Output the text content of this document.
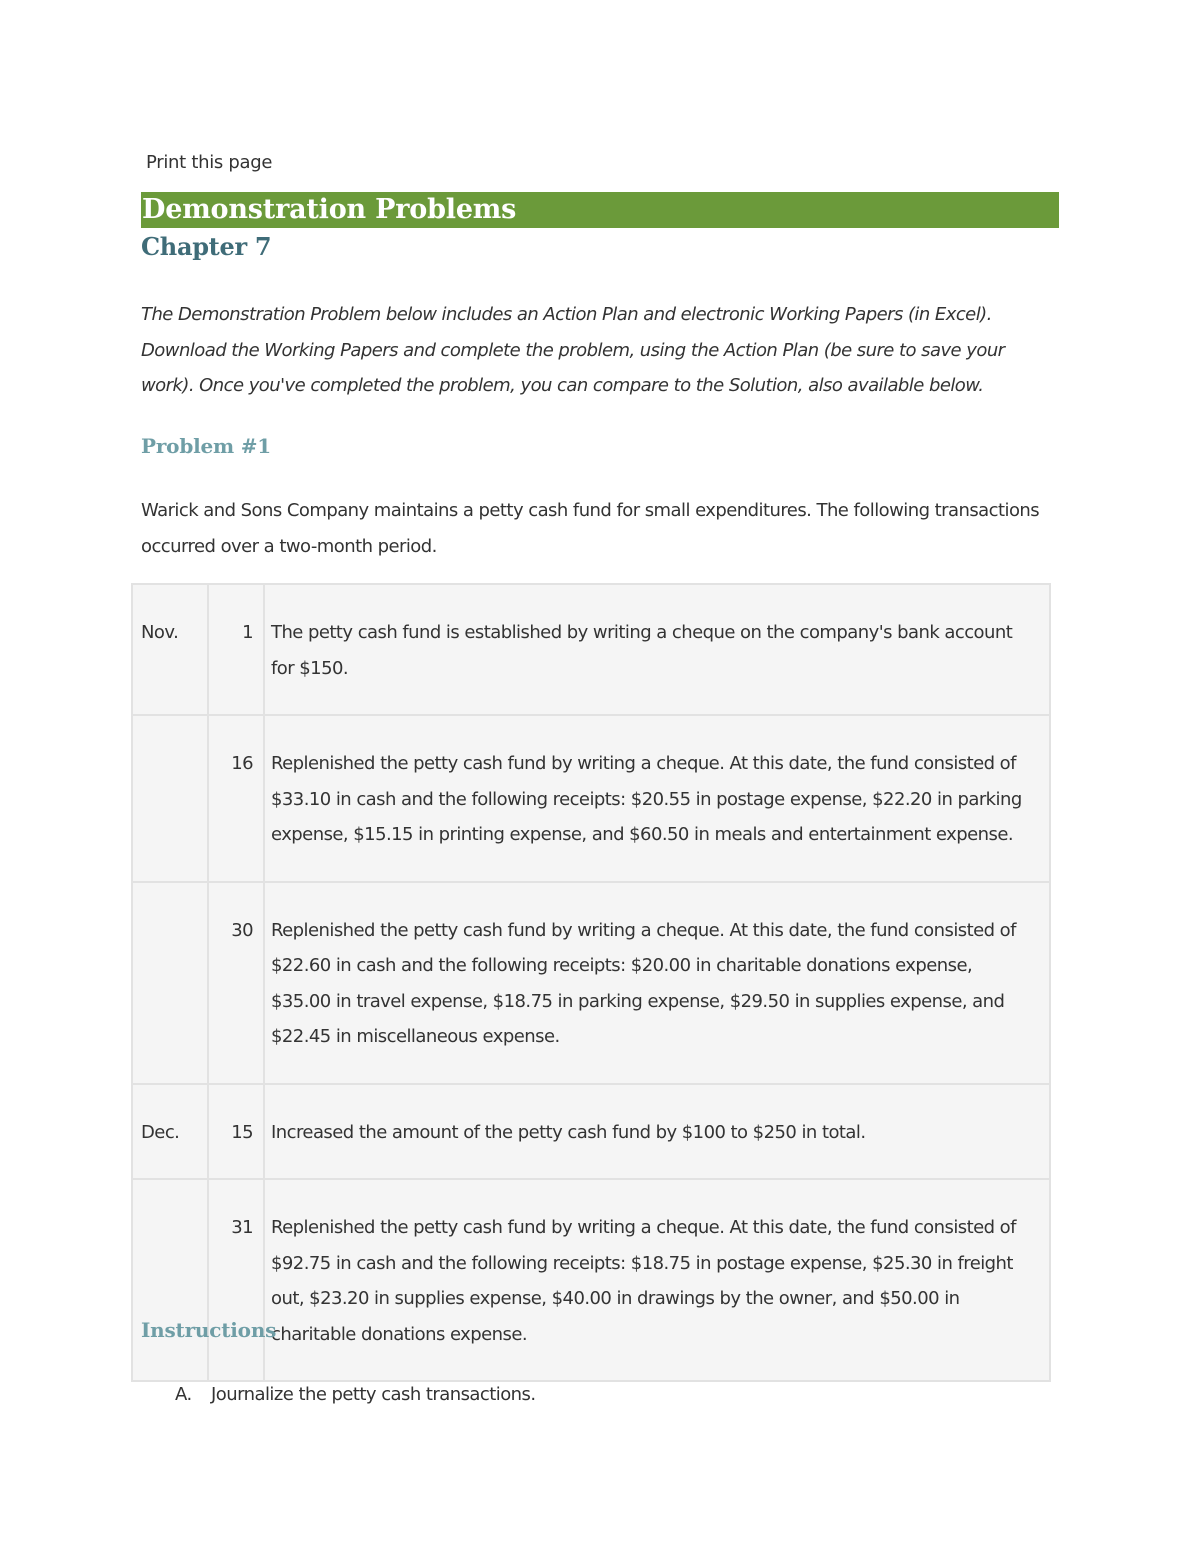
Print this page
Demonstration Problems
Chapter 7

The Demonstration Problem below includes an Action Plan and electronic Working Papers (in Excel). Download the Working Papers and complete the problem, using the Action Plan (be sure to save your work). Once you've completed the problem, you can compare to the Solution, also available below.

Problem #1

Warick and Sons Company maintains a petty cash fund for small expenditures. The following transactions occurred over a two-month period.

Nov.	1	The petty cash fund is established by writing a cheque on the company's bank account for $150.
	16	Replenished the petty cash fund by writing a cheque. At this date, the fund consisted of $33.10 in cash and the following receipts: $20.55 in postage expense, $22.20 in parking expense, $15.15 in printing expense, and $60.50 in meals and entertainment expense.
	30	Replenished the petty cash fund by writing a cheque. At this date, the fund consisted of $22.60 in cash and the following receipts: $20.00 in charitable donations expense, $35.00 in travel expense, $18.75 in parking expense, $29.50 in supplies expense, and $22.45 in miscellaneous expense.
Dec.	15	Increased the amount of the petty cash fund by $100 to $250 in total.
	31	Replenished the petty cash fund by writing a cheque. At this date, the fund consisted of $92.75 in cash and the following receipts: $18.75 in postage expense, $25.30 in freight out, $23.20 in supplies expense, $40.00 in drawings by the owner, and $50.00 in charitable donations expense.
Instructions
A. Journalize the petty cash transactions.
